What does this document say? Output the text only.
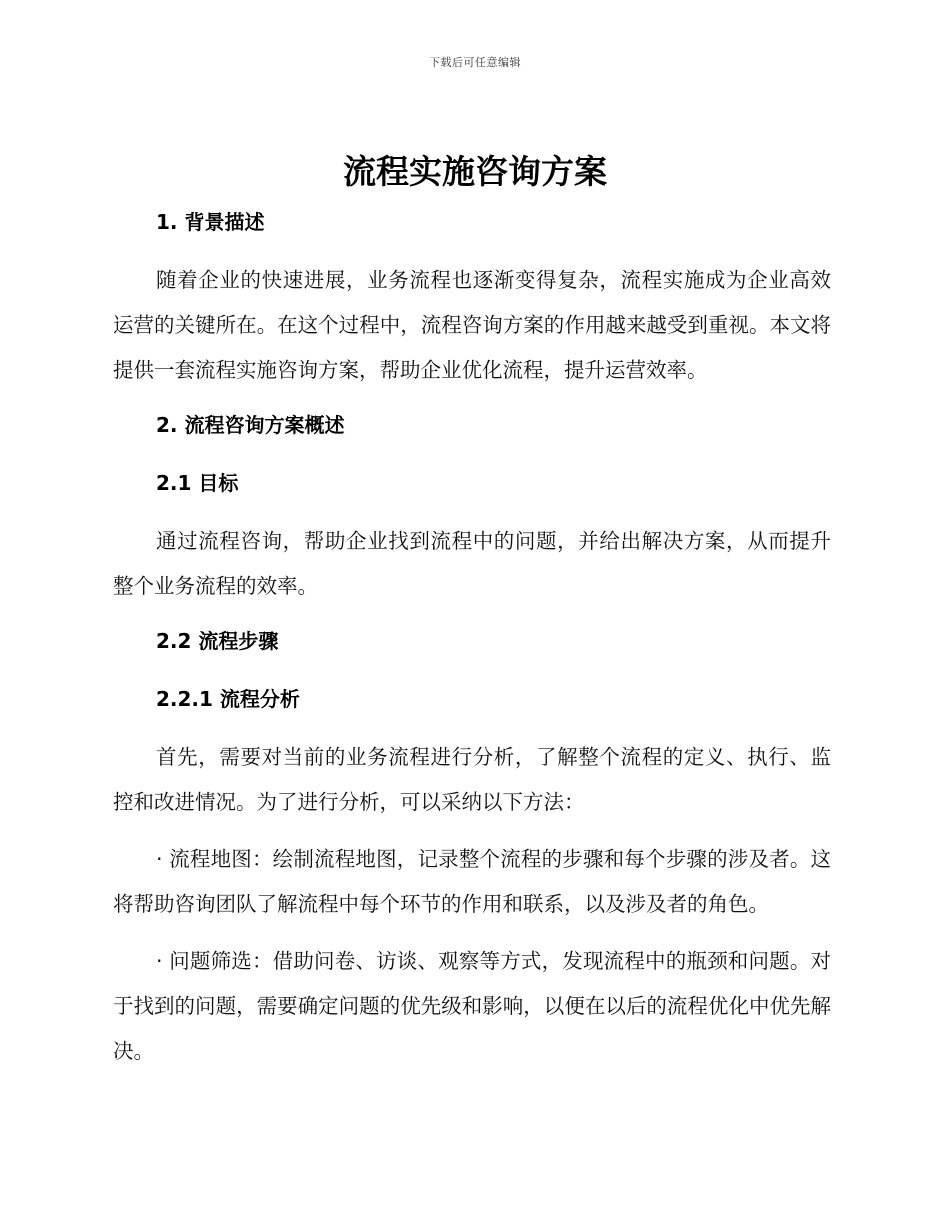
下载后可任意编辑
流程实施咨询方案
1. 背景描述

随着企业的快速进展，业务流程也逐渐变得复杂，流程实施成为企业高效运营的关键所在。在这个过程中，流程咨询方案的作用越来越受到重视。本文将提供一套流程实施咨询方案，帮助企业优化流程，提升运营效率。

2. 流程咨询方案概述
2.1 目标

通过流程咨询，帮助企业找到流程中的问题，并给出解决方案，从而提升整个业务流程的效率。

2.2 流程步骤
2.2.1 流程分析

首先，需要对当前的业务流程进行分析，了解整个流程的定义、执行、监控和改进情况。为了进行分析，可以采纳以下方法：

· 流程地图：绘制流程地图，记录整个流程的步骤和每个步骤的涉及者。这将帮助咨询团队了解流程中每个环节的作用和联系，以及涉及者的角色。

· 问题筛选：借助问卷、访谈、观察等方式，发现流程中的瓶颈和问题。对于找到的问题，需要确定问题的优先级和影响，以便在以后的流程优化中优先解决。
